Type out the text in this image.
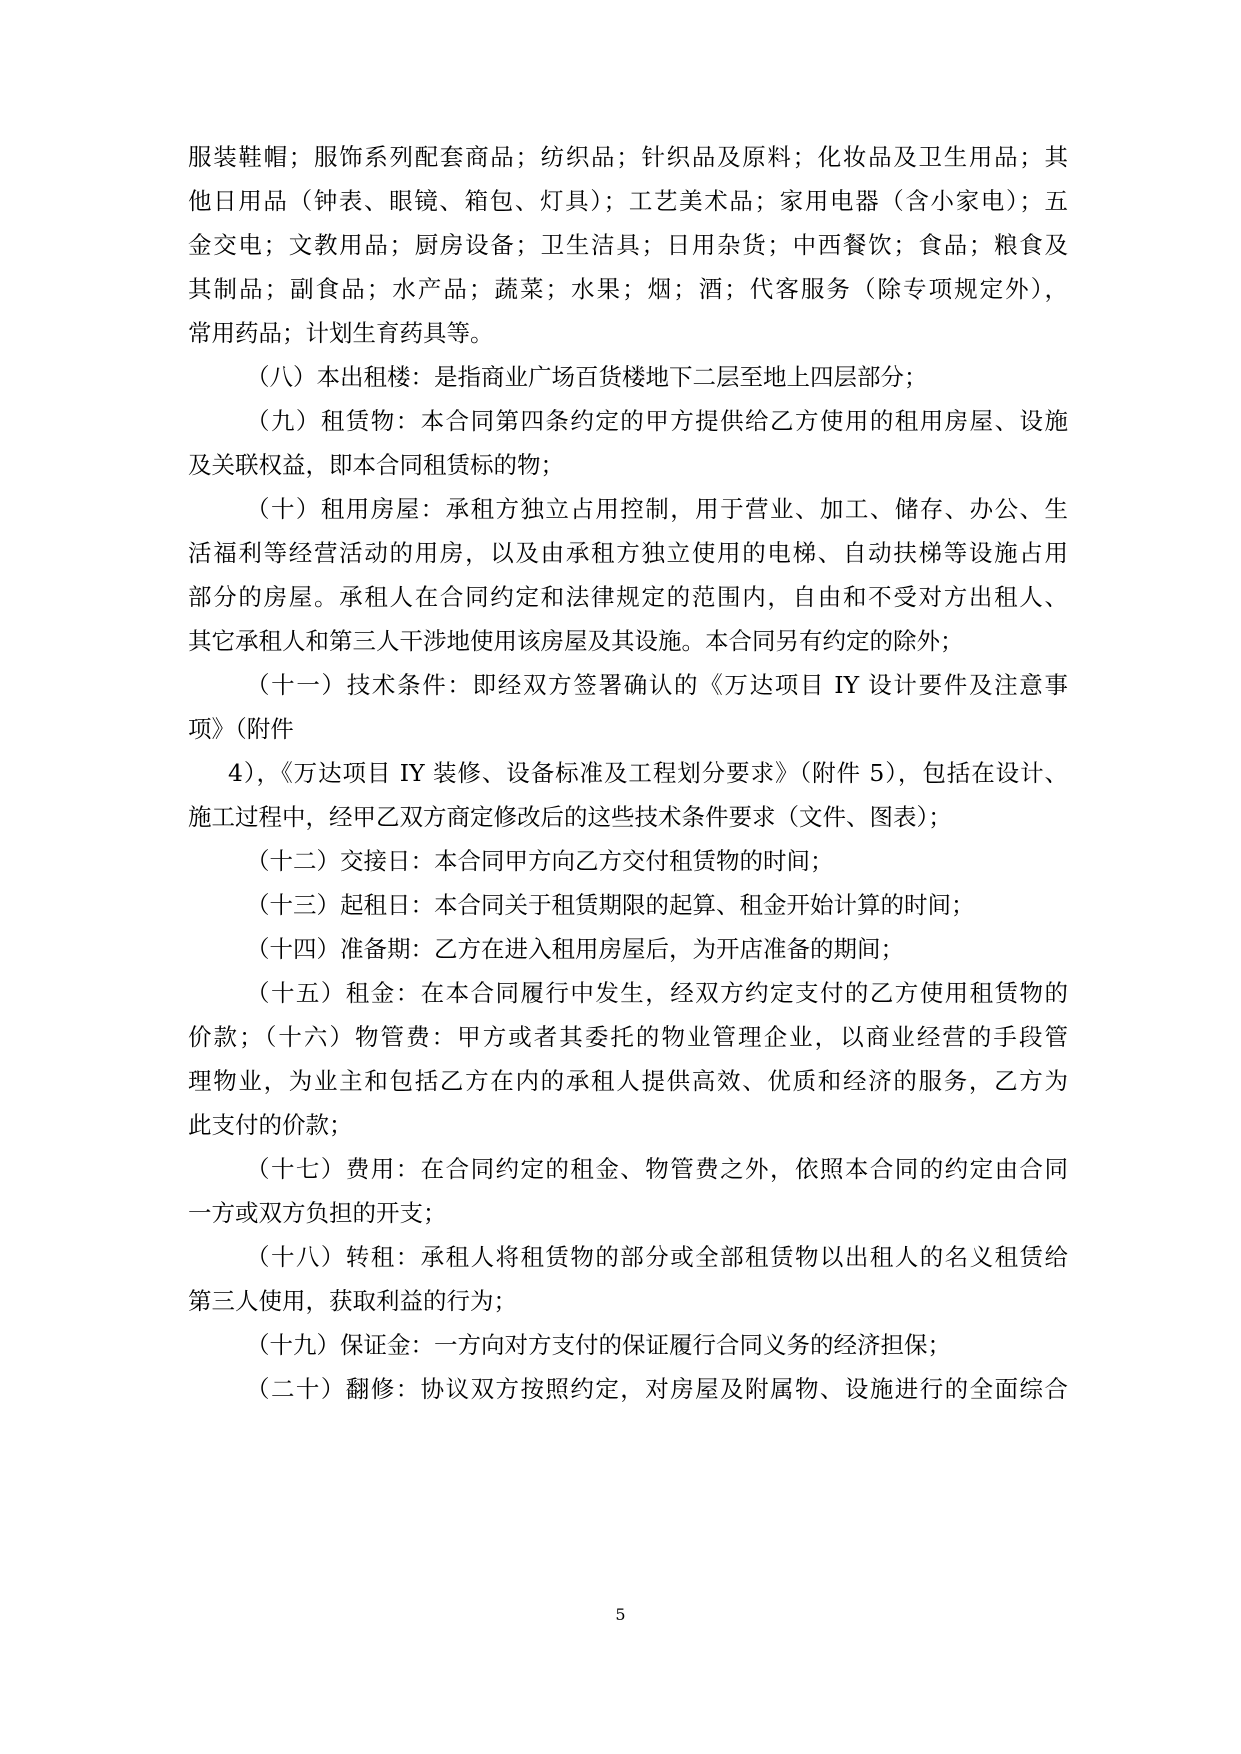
服装鞋帽；服饰系列配套商品；纺织品；针织品及原料；化妆品及卫生用品；其
他日用品（钟表、眼镜、箱包、灯具）；工艺美术品；家用电器（含小家电）；五
金交电；文教用品；厨房设备；卫生洁具；日用杂货；中西餐饮；食品；粮食及
其制品；副食品；水产品；蔬菜；水果；烟；酒；代客服务（除专项规定外），
常用药品；计划生育药具等。
（八）本出租楼：是指商业广场百货楼地下二层至地上四层部分；
（九）租赁物：本合同第四条约定的甲方提供给乙方使用的租用房屋、设施
及关联权益，即本合同租赁标的物；
（十）租用房屋：承租方独立占用控制，用于营业、加工、储存、办公、生
活福利等经营活动的用房，以及由承租方独立使用的电梯、自动扶梯等设施占用
部分的房屋。承租人在合同约定和法律规定的范围内，自由和不受对方出租人、
其它承租人和第三人干涉地使用该房屋及其设施。本合同另有约定的除外；
（十一）技术条件：即经双方签署确认的《万达项目 IY 设计要件及注意事
项》（附件
4），《万达项目 IY 装修、设备标准及工程划分要求》（附件 5），包括在设计、
施工过程中，经甲乙双方商定修改后的这些技术条件要求（文件、图表）；
（十二）交接日：本合同甲方向乙方交付租赁物的时间；
（十三）起租日：本合同关于租赁期限的起算、租金开始计算的时间；
（十四）准备期：乙方在进入租用房屋后，为开店准备的期间；
（十五）租金：在本合同履行中发生，经双方约定支付的乙方使用租赁物的
价款；（十六）物管费：甲方或者其委托的物业管理企业，以商业经营的手段管
理物业，为业主和包括乙方在内的承租人提供高效、优质和经济的服务，乙方为
此支付的价款；
（十七）费用：在合同约定的租金、物管费之外，依照本合同的约定由合同
一方或双方负担的开支；
（十八）转租：承租人将租赁物的部分或全部租赁物以出租人的名义租赁给
第三人使用，获取利益的行为；
（十九）保证金：一方向对方支付的保证履行合同义务的经济担保；
（二十）翻修：协议双方按照约定，对房屋及附属物、设施进行的全面综合
5
